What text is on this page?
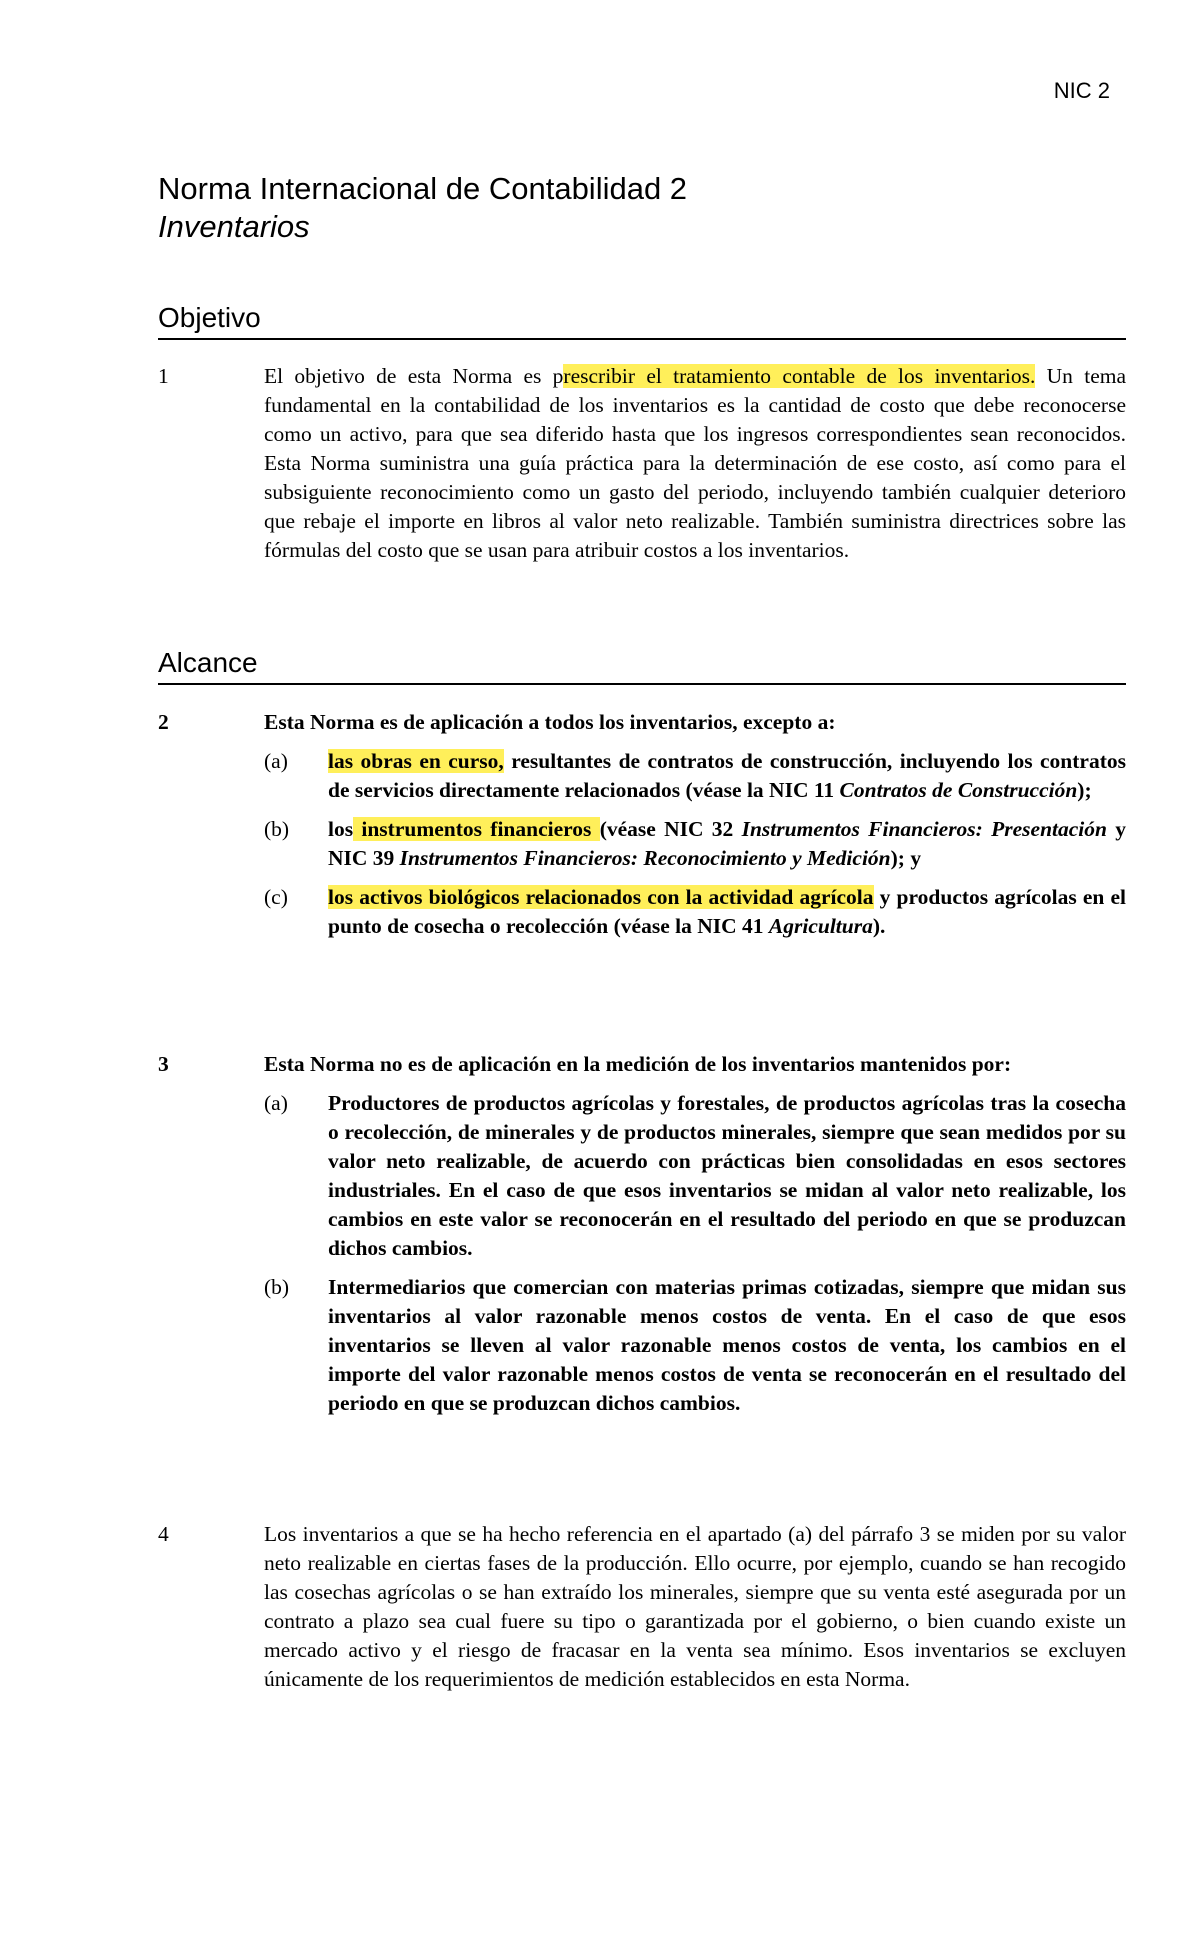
NIC 2
Norma Internacional de Contabilidad 2
Inventarios
Objetivo
1	El objetivo de esta Norma es prescribir el tratamiento contable de los inventarios. Un tema fundamental en la contabilidad de los inventarios es la cantidad de costo que debe reconocerse como un activo, para que sea diferido hasta que los ingresos correspondientes sean reconocidos. Esta Norma suministra una guía práctica para la determinación de ese costo, así como para el subsiguiente reconocimiento como un gasto del periodo, incluyendo también cualquier deterioro que rebaje el importe en libros al valor neto realizable. También suministra directrices sobre las fórmulas del costo que se usan para atribuir costos a los inventarios.
Alcance
2	Esta Norma es de aplicación a todos los inventarios, excepto a:
(a) las obras en curso, resultantes de contratos de construcción, incluyendo los contratos de servicios directamente relacionados (véase la NIC 11 Contratos de Construcción);
(b) los instrumentos financieros (véase NIC 32 Instrumentos Financieros: Presentación y NIC 39 Instrumentos Financieros: Reconocimiento y Medición); y
(c) los activos biológicos relacionados con la actividad agrícola y productos agrícolas en el punto de cosecha o recolección (véase la NIC 41 Agricultura).
3	Esta Norma no es de aplicación en la medición de los inventarios mantenidos por:
(a) Productores de productos agrícolas y forestales, de productos agrícolas tras la cosecha o recolección, de minerales y de productos minerales, siempre que sean medidos por su valor neto realizable, de acuerdo con prácticas bien consolidadas en esos sectores industriales. En el caso de que esos inventarios se midan al valor neto realizable, los cambios en este valor se reconocerán en el resultado del periodo en que se produzcan dichos cambios.
(b) Intermediarios que comercian con materias primas cotizadas, siempre que midan sus inventarios al valor razonable menos costos de venta. En el caso de que esos inventarios se lleven al valor razonable menos costos de venta, los cambios en el importe del valor razonable menos costos de venta se reconocerán en el resultado del periodo en que se produzcan dichos cambios.
4	Los inventarios a que se ha hecho referencia en el apartado (a) del párrafo 3 se miden por su valor neto realizable en ciertas fases de la producción. Ello ocurre, por ejemplo, cuando se han recogido las cosechas agrícolas o se han extraído los minerales, siempre que su venta esté asegurada por un contrato a plazo sea cual fuere su tipo o garantizada por el gobierno, o bien cuando existe un mercado activo y el riesgo de fracasar en la venta sea mínimo. Esos inventarios se excluyen únicamente de los requerimientos de medición establecidos en esta Norma.
